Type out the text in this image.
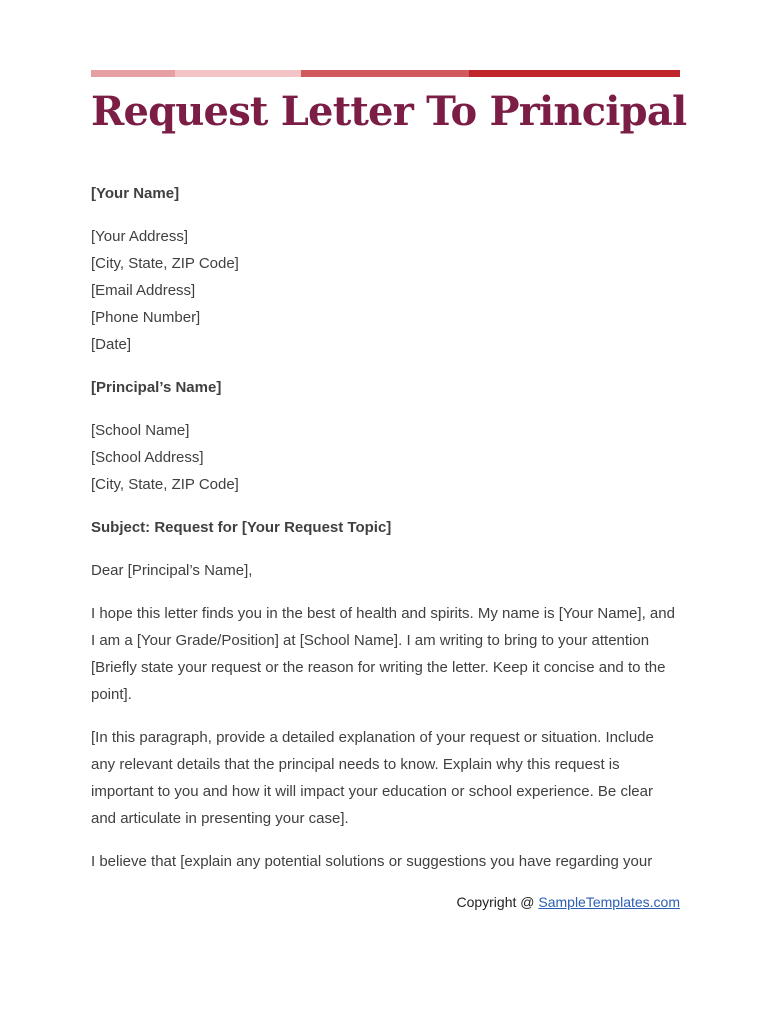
Request Letter To Principal

[Your Name]

[Your Address]
[City, State, ZIP Code]
[Email Address]
[Phone Number]
[Date]

[Principal’s Name]

[School Name]
[School Address]
[City, State, ZIP Code]

Subject: Request for [Your Request Topic]

Dear [Principal’s Name],

I hope this letter finds you in the best of health and spirits. My name is [Your Name], and I am a [Your Grade/Position] at [School Name]. I am writing to bring to your attention [Briefly state your request or the reason for writing the letter. Keep it concise and to the point].

[In this paragraph, provide a detailed explanation of your request or situation. Include any relevant details that the principal needs to know. Explain why this request is important to you and how it will impact your education or school experience. Be clear and articulate in presenting your case].

I believe that [explain any potential solutions or suggestions you have regarding your

Copyright @ SampleTemplates.com
